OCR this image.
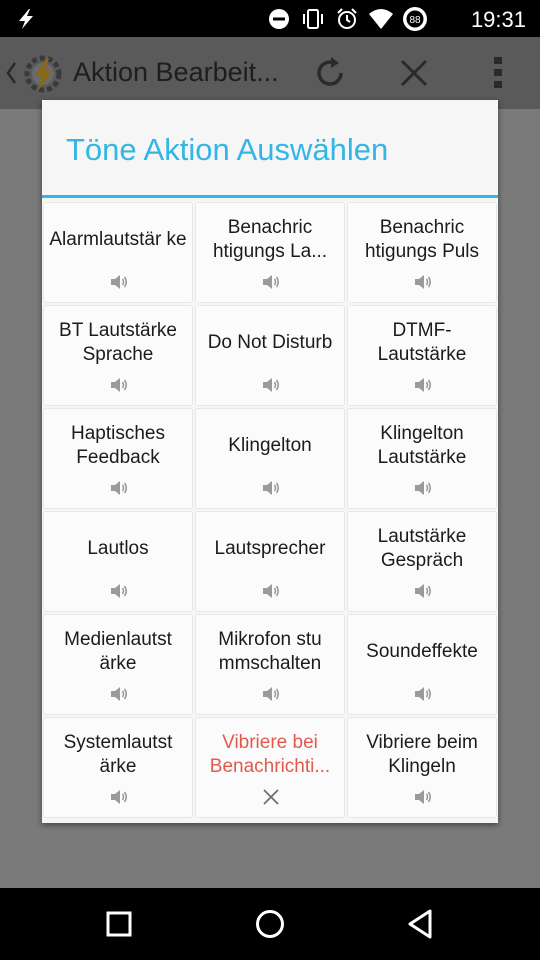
88 19:31
Aktion Bearbeit...
Töne Aktion Auswählen
Alarmlautstär ke
Benachric htigungs La...
Benachric htigungs Puls
BT Lautstärke Sprache
Do Not Disturb
DTMF- Lautstärke
Haptisches Feedback
Klingelton
Klingelton Lautstärke
Lautlos	Lautsprecher
Lautstärke Gespräch
Medienlautst ärke
Mikrofon stu mmschalten
Soundeffekte
Systemlautst ärke
Vibriere bei Benachrichti...
Vibriere beim Klingeln
